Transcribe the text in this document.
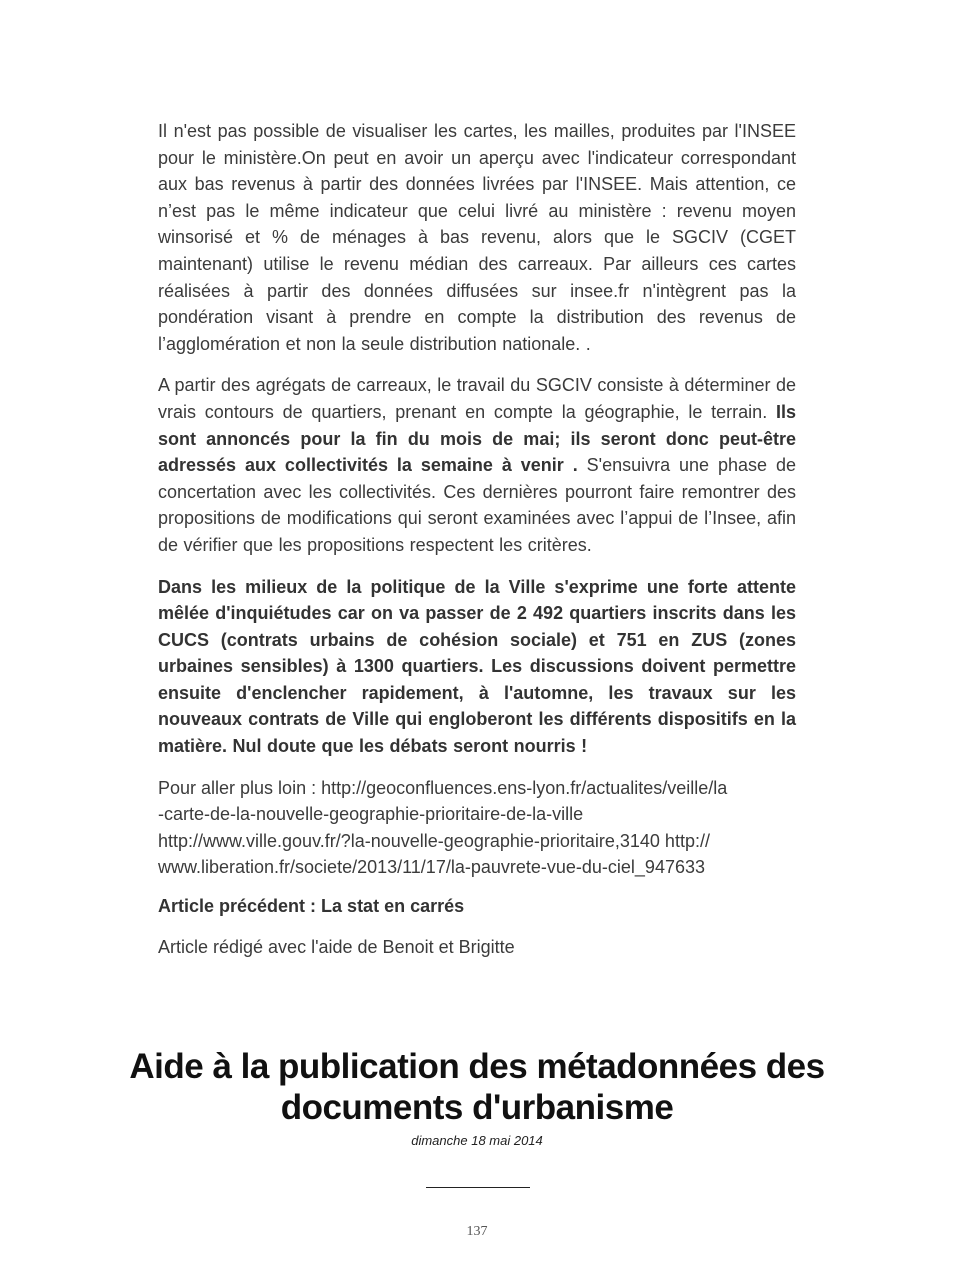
Il n'est pas possible de visualiser les cartes, les mailles, produites par l'INSEE pour le ministère.On peut en avoir un aperçu avec l'indicateur correspondant aux bas revenus à partir des données livrées par l'INSEE. Mais attention, ce n’est pas le même indicateur que celui livré au ministère : revenu moyen winsorisé et % de ménages à bas revenu, alors que le SGCIV (CGET maintenant) utilise le revenu médian des carreaux. Par ailleurs ces cartes réalisées à partir des données diffusées sur insee.fr n'intègrent pas la pondération visant à prendre en compte la distribution des revenus de l’agglomération et non la seule distribution nationale. .

A partir des agrégats de carreaux, le travail du SGCIV consiste à déterminer de vrais contours de quartiers, prenant en compte la géographie, le terrain. Ils sont annoncés pour la fin du mois de mai; ils seront donc peut-être adressés aux collectivités la semaine à venir . S'ensuivra une phase de concertation avec les collectivités. Ces dernières pourront faire remontrer des propositions de modifications qui seront examinées avec l’appui de l’Insee, afin de vérifier que les propositions respectent les critères.

Dans les milieux de la politique de la Ville s'exprime une forte attente mêlée d'inquiétudes car on va passer de 2 492 quartiers inscrits dans les CUCS (contrats urbains de cohésion sociale) et 751 en ZUS (zones urbaines sensibles) à 1300 quartiers. Les discussions doivent permettre ensuite d'enclencher rapidement, à l'automne, les travaux sur les nouveaux contrats de Ville qui engloberont les différents dispositifs en la matière. Nul doute que les débats seront nourris !

Pour aller plus loin : http://geoconfluences.ens-lyon.fr/actualites/veille/la
-carte-de-la-nouvelle-geographie-prioritaire-de-la-ville
http://www.ville.gouv.fr/?la-nouvelle-geographie-prioritaire,3140 http://
www.liberation.fr/societe/2013/11/17/la-pauvrete-vue-du-ciel_947633
Article précédent : La stat en carrés
Article rédigé avec l'aide de Benoit et Brigitte
Aide à la publication des métadonnées des documents d'urbanisme
dimanche 18 mai 2014
137
